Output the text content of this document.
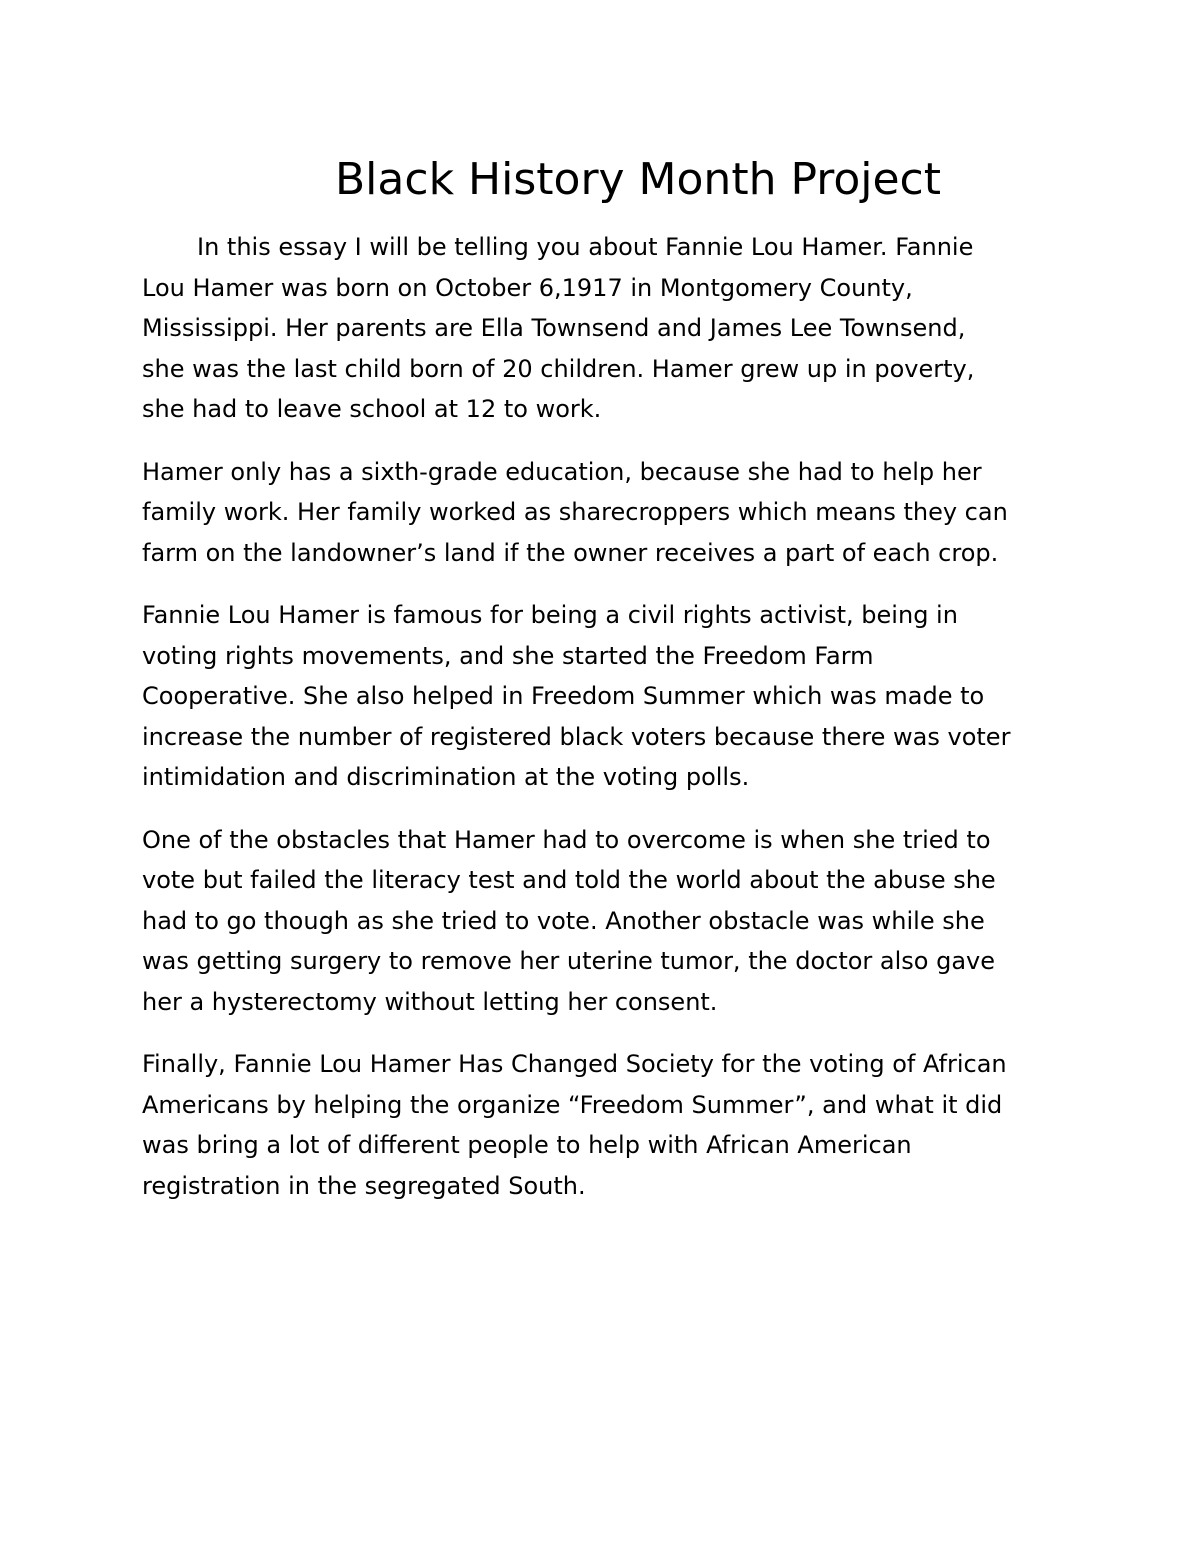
Black History Month Project

In this essay I will be telling you about Fannie Lou Hamer. Fannie
Lou Hamer was born on October 6,1917 in Montgomery County,
Mississippi. Her parents are Ella Townsend and James Lee Townsend,
she was the last child born of 20 children. Hamer grew up in poverty,
she had to leave school at 12 to work.

Hamer only has a sixth-grade education, because she had to help her
family work. Her family worked as sharecroppers which means they can
farm on the landowner’s land if the owner receives a part of each crop.

Fannie Lou Hamer is famous for being a civil rights activist, being in
voting rights movements, and she started the Freedom Farm
Cooperative. She also helped in Freedom Summer which was made to
increase the number of registered black voters because there was voter
intimidation and discrimination at the voting polls.

One of the obstacles that Hamer had to overcome is when she tried to
vote but failed the literacy test and told the world about the abuse she
had to go though as she tried to vote. Another obstacle was while she
was getting surgery to remove her uterine tumor, the doctor also gave
her a hysterectomy without letting her consent.

Finally, Fannie Lou Hamer Has Changed Society for the voting of African
Americans by helping the organize “Freedom Summer”, and what it did
was bring a lot of different people to help with African American
registration in the segregated South.
